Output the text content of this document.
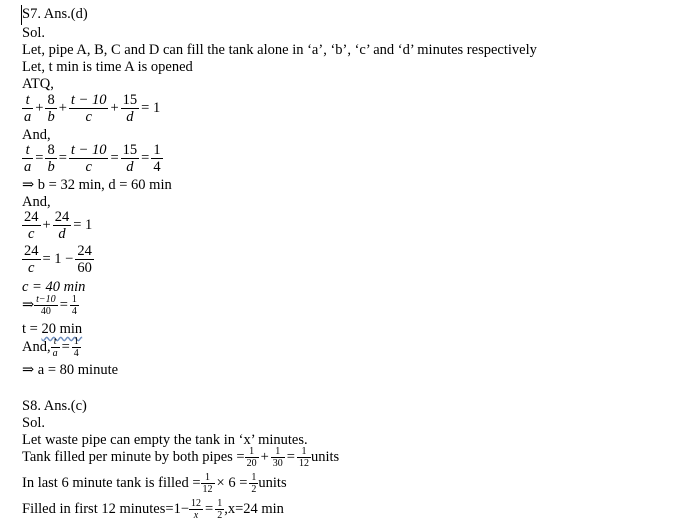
S7. Ans.(d)
Sol.
Let, pipe A, B, C and D can fill the tank alone in ‘a’, ‘b’, ‘c’ and ‘d’ minutes respectively
Let, t min is time A is opened
ATQ,
$\frac{t}{a} + \frac{8}{b} + \frac{t - 10}{c} + \frac{15}{d} = 1$
And,
$\frac{t}{a} = \frac{8}{b} = \frac{t - 10}{c} = \frac{15}{d} = \frac{1}{4}$
⇒ b = 32 min, d = 60 min
And,
$\frac{24}{c} + \frac{24}{d} = 1$
$\frac{24}{c} = 1 - \frac{24}{60}$
c = 40 min
⇒ $\frac{t-10}{40} = \frac{1}{4}$
t = 20 min
And, $\frac{t}{a} = \frac{1}{4}$
⇒ a = 80 minute
S8. Ans.(c)
Sol.
Let waste pipe can empty the tank in ‘x’ minutes.
Tank filled per minute by both pipes = $\frac{1}{20} + \frac{1}{30} = \frac{1}{12}$ units
In last 6 minute tank is filled = $\frac{1}{12} \times 6 = \frac{1}{2}$ units
Filled in first 12 minutes=1− $\frac{12}{x} = \frac{1}{2} ,x=24$ min
